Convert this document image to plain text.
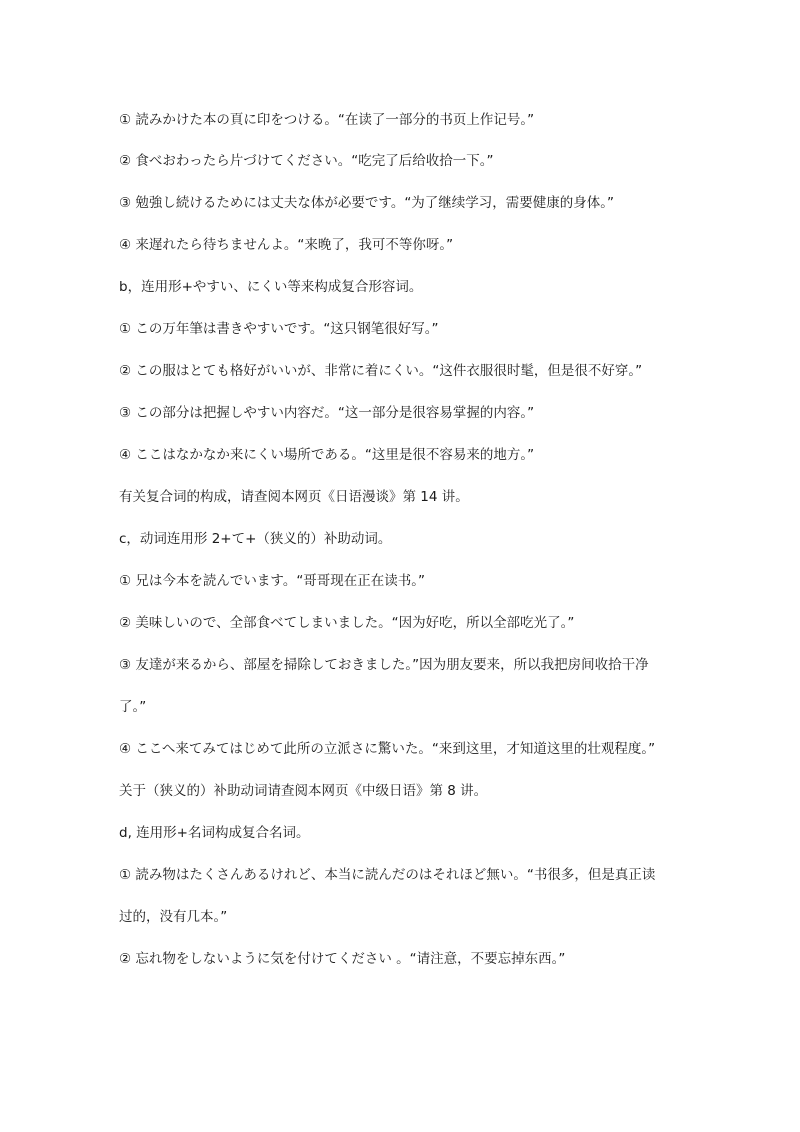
① 読みかけた本の頁に印をつける。“在读了一部分的书页上作记号。”
② 食べおわったら片づけてください。“吃完了后给收拾一下。”
③ 勉強し続けるためには丈夫な体が必要です。“为了继续学习，需要健康的身体。”
④ 来遅れたら待ちませんよ。“来晚了，我可不等你呀。”
b，连用形+やすい、にくい等来构成复合形容词。
① この万年筆は書きやすいです。“这只钢笔很好写。”
② この服はとても格好がいいが、非常に着にくい。“这件衣服很时髦，但是很不好穿。”
③ この部分は把握しやすい内容だ。“这一部分是很容易掌握的内容。”
④ ここはなかなか来にくい場所である。“这里是很不容易来的地方。”
有关复合词的构成，请查阅本网页《日语漫谈》第 14 讲。
c，动词连用形 2+て+（狭义的）补助动词。
① 兄は今本を読んでいます。“哥哥现在正在读书。”
② 美味しいので、全部食べてしまいました。“因为好吃，所以全部吃光了。”
③ 友達が来るから、部屋を掃除しておきました。”因为朋友要来，所以我把房间收拾干净
了。”
④ ここへ来てみてはじめて此所の立派さに驚いた。“来到这里，才知道这里的壮观程度。”
关于（狭义的）补助动词请查阅本网页《中级日语》第 8 讲。
d, 连用形+名词构成复合名词。
① 読み物はたくさんあるけれど、本当に読んだのはそれほど無い。“书很多，但是真正读
过的，没有几本。”
② 忘れ物をしないように気を付けてください 。“请注意，不要忘掉东西。”
